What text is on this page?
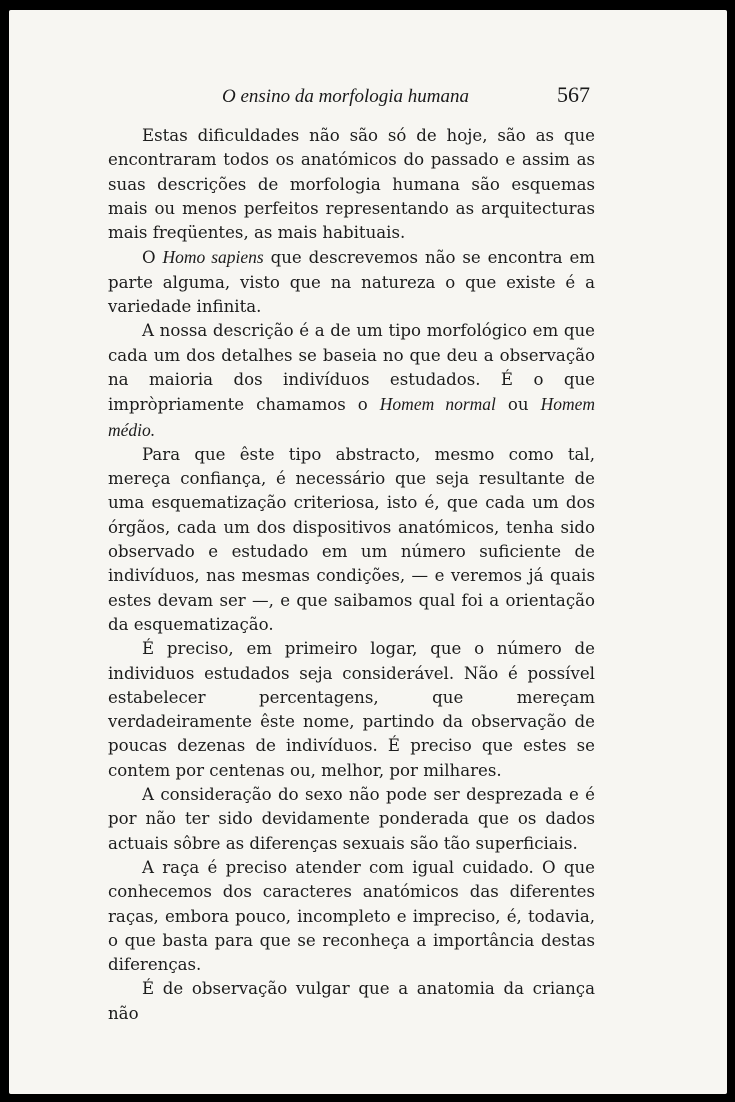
O ensino da morfologia humana	567

Estas dificuldades não são só de hoje, são as que encontraram todos os anatómicos do passado e assim as suas descrições de morfologia humana são esquemas mais ou menos perfeitos representando as arquitecturas mais freqüentes, as mais habituais.

O Homo sapiens que descrevemos não se encontra em parte alguma, visto que na natureza o que existe é a variedade infinita.

A nossa descrição é a de um tipo morfológico em que cada um dos detalhes se baseia no que deu a observação na maioria dos indivíduos estudados. É o que impròpriamente chamamos o Homem normal ou Homem médio.

Para que êste tipo abstracto, mesmo como tal, mereça confiança, é necessário que seja resultante de uma esquematização criteriosa, isto é, que cada um dos órgãos, cada um dos dispositivos anatómicos, tenha sido observado e estudado em um número suficiente de indivíduos, nas mesmas condições, — e veremos já quais estes devam ser —, e que saibamos qual foi a orientação da esquematização.

É preciso, em primeiro logar, que o número de individuos estudados seja considerável. Não é possível estabelecer percentagens, que mereçam verdadeiramente êste nome, partindo da observação de poucas dezenas de indivíduos. É preciso que estes se contem por centenas ou, melhor, por milhares.

A consideração do sexo não pode ser desprezada e é por não ter sido devidamente ponderada que os dados actuais sôbre as diferenças sexuais são tão superficiais.

A raça é preciso atender com igual cuidado. O que conhecemos dos caracteres anatómicos das diferentes raças, embora pouco, incompleto e impreciso, é, todavia, o que basta para que se reconheça a importância destas diferenças.

É de observação vulgar que a anatomia da criança não
